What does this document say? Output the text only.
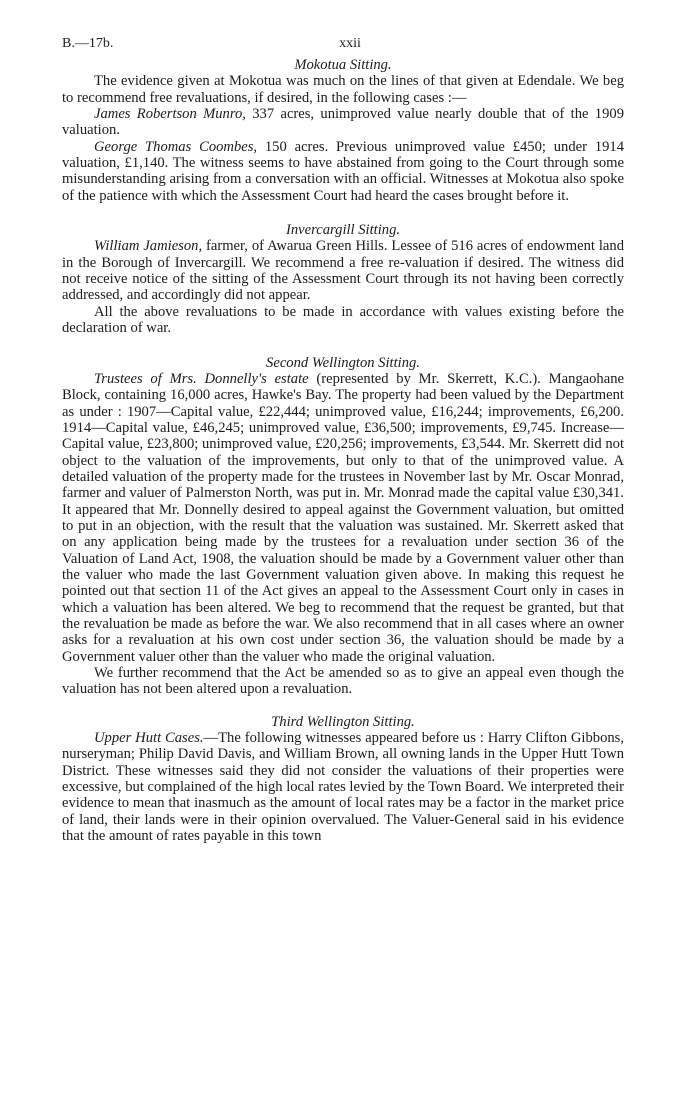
B.—17b.	xxii

Mokotua Sitting.

The evidence given at Mokotua was much on the lines of that given at Edendale. We beg to recommend free revaluations, if desired, in the following cases :—

James Robertson Munro, 337 acres, unimproved value nearly double that of the 1909 valuation.

George Thomas Coombes, 150 acres. Previous unimproved value £450; under 1914 valuation, £1,140. The witness seems to have abstained from going to the Court through some misunderstanding arising from a conversation with an official. Witnesses at Mokotua also spoke of the patience with which the Assessment Court had heard the cases brought before it.

Invercargill Sitting.

William Jamieson, farmer, of Awarua Green Hills. Lessee of 516 acres of endowment land in the Borough of Invercargill. We recommend a free re-valuation if desired. The witness did not receive notice of the sitting of the Assessment Court through its not having been correctly addressed, and accordingly did not appear.

All the above revaluations to be made in accordance with values existing before the declaration of war.

Second Wellington Sitting.

Trustees of Mrs. Donnelly's estate (represented by Mr. Skerrett, K.C.). Mangaohane Block, containing 16,000 acres, Hawke's Bay. The property had been valued by the Department as under : 1907—Capital value, £22,444; unimproved value, £16,244; improvements, £6,200. 1914—Capital value, £46,245; unimproved value, £36,500; improvements, £9,745. Increase—Capital value, £23,800; unimproved value, £20,256; improvements, £3,544. Mr. Skerrett did not object to the valuation of the improvements, but only to that of the unimproved value. A detailed valuation of the property made for the trustees in November last by Mr. Oscar Monrad, farmer and valuer of Palmerston North, was put in. Mr. Monrad made the capital value £30,341. It appeared that Mr. Donnelly desired to appeal against the Government valuation, but omitted to put in an objection, with the result that the valuation was sustained. Mr. Skerrett asked that on any application being made by the trustees for a revaluation under section 36 of the Valuation of Land Act, 1908, the valuation should be made by a Government valuer other than the valuer who made the last Government valuation given above. In making this request he pointed out that section 11 of the Act gives an appeal to the Assessment Court only in cases in which a valuation has been altered. We beg to recommend that the request be granted, but that the revaluation be made as before the war. We also recommend that in all cases where an owner asks for a revaluation at his own cost under section 36, the valuation should be made by a Government valuer other than the valuer who made the original valuation.

We further recommend that the Act be amended so as to give an appeal even though the valuation has not been altered upon a revaluation.

Third Wellington Sitting.

Upper Hutt Cases.—The following witnesses appeared before us : Harry Clifton Gibbons, nurseryman; Philip David Davis, and William Brown, all owning lands in the Upper Hutt Town District. These witnesses said they did not consider the valuations of their properties were excessive, but complained of the high local rates levied by the Town Board. We interpreted their evidence to mean that inasmuch as the amount of local rates may be a factor in the market price of land, their lands were in their opinion overvalued. The Valuer-General said in his evidence that the amount of rates payable in this town
